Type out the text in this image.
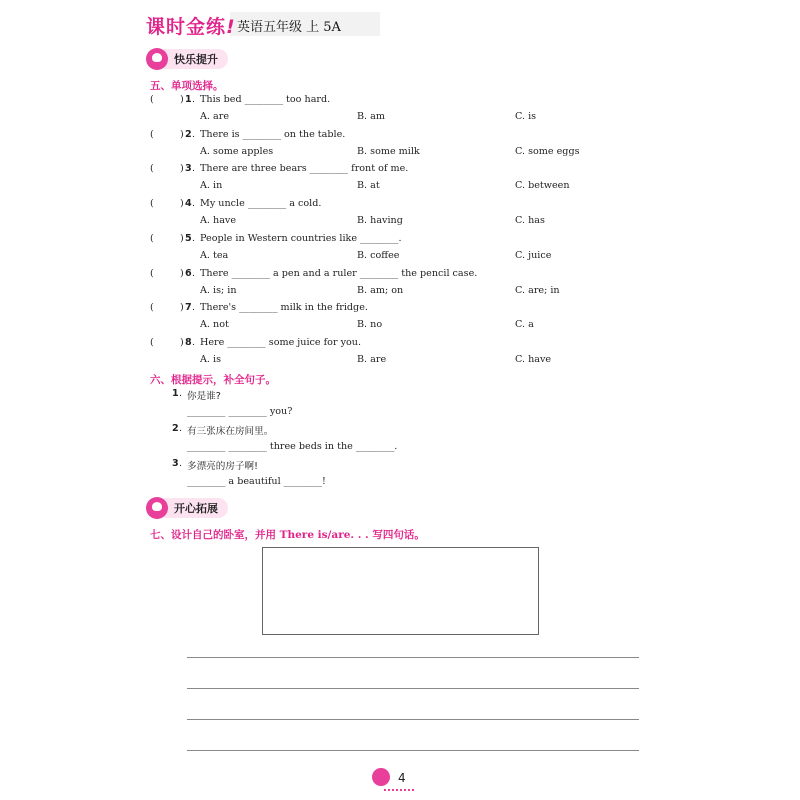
课时金练! 英语五年级 上 5A
快乐提升
五、单项选择。
(	) 1 . This bed ________ too hard.
A. are	B. am	C. is
(	) 2 . There is ________ on the table.
A. some apples	B. some milk	C. some eggs
(	) 3 . There are three bears ________ front of me.
A. in	B. at	C. between
(	) 4 . My uncle ________ a cold.
A. have	B. having	C. has
(	) 5 . People in Western countries like ________.
A. tea	B. coffee	C. juice
(	) 6 . There ________ a pen and a ruler ________ the pencil case.
A. is; in	B. am; on	C. are; in
(	) 7 . There's ________ milk in the fridge.
A. not	B. no	C. a
(	) 8 . Here ________ some juice for you.
A. is	B. are	C. have
六、根据提示，补全句子。
1 . 你是谁?
________ ________ you?
2 . 有三张床在房间里。
________ ________ three beds in the ________.
3 . 多漂亮的房子啊!
________ a beautiful ________!
开心拓展
七、设计自己的卧室，并用 There is/are. . . 写四句话。
4
